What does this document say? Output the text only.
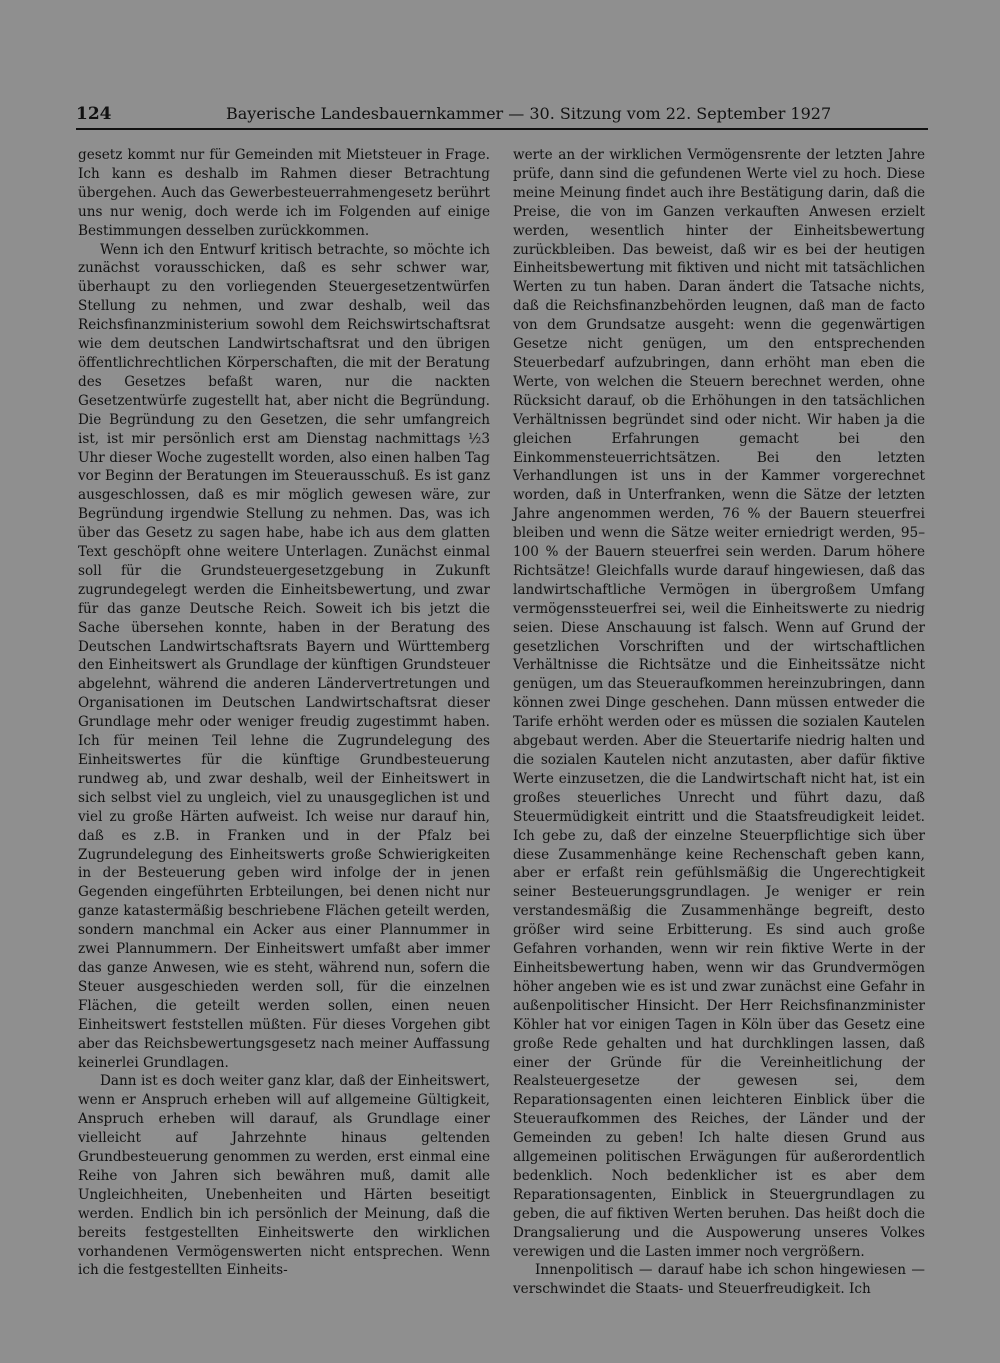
124	Bayerische Landesbauernkammer — 30. Sitzung vom 22. September 1927

gesetz kommt nur für Gemeinden mit Mietsteuer in Frage. Ich kann es deshalb im Rahmen dieser Betrachtung übergehen. Auch das Gewerbesteuerrahmengesetz berührt uns nur wenig, doch werde ich im Folgenden auf einige Bestimmungen desselben zurückkommen.

Wenn ich den Entwurf kritisch betrachte, so möchte ich zunächst vorausschicken, daß es sehr schwer war, überhaupt zu den vorliegenden Steuergesetzentwürfen Stellung zu nehmen, und zwar deshalb, weil das Reichsfinanzministerium sowohl dem Reichswirtschaftsrat wie dem deutschen Landwirtschaftsrat und den übrigen öffentlichrechtlichen Körperschaften, die mit der Beratung des Gesetzes befaßt waren, nur die nackten Gesetzentwürfe zugestellt hat, aber nicht die Begründung. Die Begründung zu den Gesetzen, die sehr umfangreich ist, ist mir persönlich erst am Dienstag nachmittags ½3 Uhr dieser Woche zugestellt worden, also einen halben Tag vor Beginn der Beratungen im Steuerausschuß. Es ist ganz ausgeschlossen, daß es mir möglich gewesen wäre, zur Begründung irgendwie Stellung zu nehmen. Das, was ich über das Gesetz zu sagen habe, habe ich aus dem glatten Text geschöpft ohne weitere Unterlagen. Zunächst einmal soll für die Grundsteuergesetzgebung in Zukunft zugrundegelegt werden die Einheitsbewertung, und zwar für das ganze Deutsche Reich. Soweit ich bis jetzt die Sache übersehen konnte, haben in der Beratung des Deutschen Landwirtschaftsrats Bayern und Württemberg den Einheitswert als Grundlage der künftigen Grundsteuer abgelehnt, während die anderen Ländervertretungen und Organisationen im Deutschen Landwirtschaftsrat dieser Grundlage mehr oder weniger freudig zugestimmt haben. Ich für meinen Teil lehne die Zugrundelegung des Einheitswertes für die künftige Grundbesteuerung rundweg ab, und zwar deshalb, weil der Einheitswert in sich selbst viel zu ungleich, viel zu unausgeglichen ist und viel zu große Härten aufweist. Ich weise nur darauf hin, daß es z.B. in Franken und in der Pfalz bei Zugrundelegung des Einheitswerts große Schwierigkeiten in der Besteuerung geben wird infolge der in jenen Gegenden eingeführten Erbteilungen, bei denen nicht nur ganze katastermäßig beschriebene Flächen geteilt werden, sondern manchmal ein Acker aus einer Plannummer in zwei Plannummern. Der Einheitswert umfaßt aber immer das ganze Anwesen, wie es steht, während nun, sofern die Steuer ausgeschieden werden soll, für die einzelnen Flächen, die geteilt werden sollen, einen neuen Einheitswert feststellen müßten. Für dieses Vorgehen gibt aber das Reichsbewertungsgesetz nach meiner Auffassung keinerlei Grundlagen.

Dann ist es doch weiter ganz klar, daß der Einheitswert, wenn er Anspruch erheben will auf allgemeine Gültigkeit, Anspruch erheben will darauf, als Grundlage einer vielleicht auf Jahrzehnte hinaus geltenden Grundbesteuerung genommen zu werden, erst einmal eine Reihe von Jahren sich bewähren muß, damit alle Ungleichheiten, Unebenheiten und Härten beseitigt werden. Endlich bin ich persönlich der Meinung, daß die bereits festgestellten Einheitswerte den wirklichen vorhandenen Vermögenswerten nicht entsprechen. Wenn ich die festgestellten Einheits-

werte an der wirklichen Vermögensrente der letzten Jahre prüfe, dann sind die gefundenen Werte viel zu hoch. Diese meine Meinung findet auch ihre Bestätigung darin, daß die Preise, die von im Ganzen verkauften Anwesen erzielt werden, wesentlich hinter der Einheitsbewertung zurückbleiben. Das beweist, daß wir es bei der heutigen Einheitsbewertung mit fiktiven und nicht mit tatsächlichen Werten zu tun haben. Daran ändert die Tatsache nichts, daß die Reichsfinanzbehörden leugnen, daß man de facto von dem Grundsatze ausgeht: wenn die gegenwärtigen Gesetze nicht genügen, um den entsprechenden Steuerbedarf aufzubringen, dann erhöht man eben die Werte, von welchen die Steuern berechnet werden, ohne Rücksicht darauf, ob die Erhöhungen in den tatsächlichen Verhältnissen begründet sind oder nicht. Wir haben ja die gleichen Erfahrungen gemacht bei den Einkommensteuerrichtsätzen. Bei den letzten Verhandlungen ist uns in der Kammer vorgerechnet worden, daß in Unterfranken, wenn die Sätze der letzten Jahre angenommen werden, 76 % der Bauern steuerfrei bleiben und wenn die Sätze weiter erniedrigt werden, 95–100 % der Bauern steuerfrei sein werden. Darum höhere Richtsätze! Gleichfalls wurde darauf hingewiesen, daß das landwirtschaftliche Vermögen in übergroßem Umfang vermögenssteuerfrei sei, weil die Einheitswerte zu niedrig seien. Diese Anschauung ist falsch. Wenn auf Grund der gesetzlichen Vorschriften und der wirtschaftlichen Verhältnisse die Richtsätze und die Einheitssätze nicht genügen, um das Steueraufkommen hereinzubringen, dann können zwei Dinge geschehen. Dann müssen entweder die Tarife erhöht werden oder es müssen die sozialen Kautelen abgebaut werden. Aber die Steuertarife niedrig halten und die sozialen Kautelen nicht anzutasten, aber dafür fiktive Werte einzusetzen, die die Landwirtschaft nicht hat, ist ein großes steuerliches Unrecht und führt dazu, daß Steuermüdigkeit eintritt und die Staatsfreudigkeit leidet. Ich gebe zu, daß der einzelne Steuerpflichtige sich über diese Zusammenhänge keine Rechenschaft geben kann, aber er erfaßt rein gefühlsmäßig die Ungerechtigkeit seiner Besteuerungsgrundlagen. Je weniger er rein verstandesmäßig die Zusammenhänge begreift, desto größer wird seine Erbitterung. Es sind auch große Gefahren vorhanden, wenn wir rein fiktive Werte in der Einheitsbewertung haben, wenn wir das Grundvermögen höher angeben wie es ist und zwar zunächst eine Gefahr in außenpolitischer Hinsicht. Der Herr Reichsfinanzminister Köhler hat vor einigen Tagen in Köln über das Gesetz eine große Rede gehalten und hat durchklingen lassen, daß einer der Gründe für die Vereinheitlichung der Realsteuergesetze der gewesen sei, dem Reparationsagenten einen leichteren Einblick über die Steueraufkommen des Reiches, der Länder und der Gemeinden zu geben! Ich halte diesen Grund aus allgemeinen politischen Erwägungen für außerordentlich bedenklich. Noch bedenklicher ist es aber dem Reparationsagenten, Einblick in Steuergrundlagen zu geben, die auf fiktiven Werten beruhen. Das heißt doch die Drangsalierung und die Auspowerung unseres Volkes verewigen und die Lasten immer noch vergrößern.

Innenpolitisch — darauf habe ich schon hingewiesen — verschwindet die Staats- und Steuerfreudigkeit. Ich
